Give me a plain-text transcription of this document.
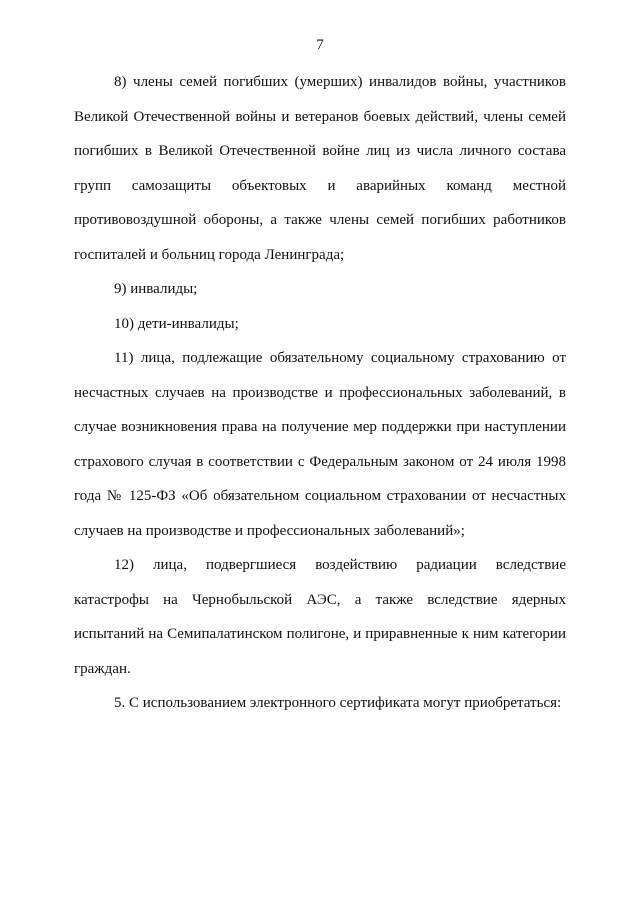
7

8) члены семей погибших (умерших) инвалидов войны, участников Великой Отечественной войны и ветеранов боевых действий, члены семей погибших в Великой Отечественной войне лиц из числа личного состава групп самозащиты объектовых и аварийных команд местной противовоздушной обороны, а также члены семей погибших работников госпиталей и больниц города Ленинграда;

9) инвалиды;

10) дети-инвалиды;

11) лица, подлежащие обязательному социальному страхованию от несчастных случаев на производстве и профессиональных заболеваний, в случае возникновения права на получение мер поддержки при наступлении страхового случая в соответствии с Федеральным законом от 24 июля 1998 года № 125-ФЗ «Об обязательном социальном страховании от несчастных случаев на производстве и профессиональных заболеваний»;

12) лица, подвергшиеся воздействию радиации вследствие катастрофы на Чернобыльской АЭС, а также вследствие ядерных испытаний на Семипалатинском полигоне, и приравненные к ним категории граждан.

5. С использованием электронного сертификата могут приобретаться:
